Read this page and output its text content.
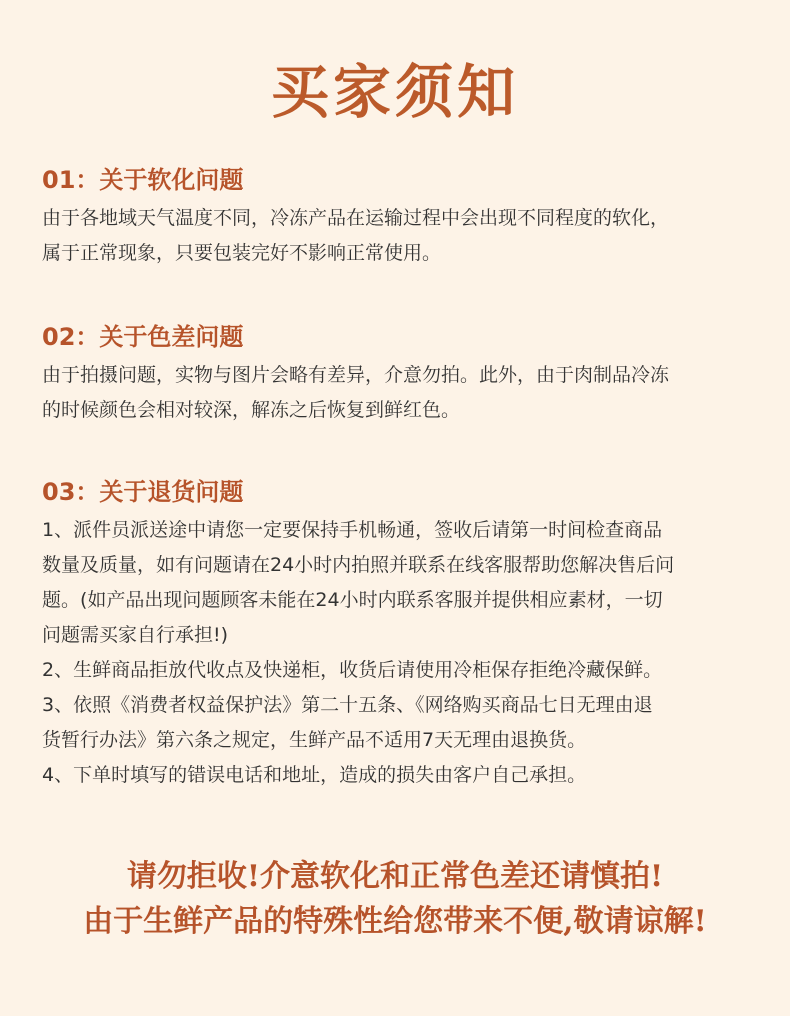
买家须知
01：关于软化问题
由于各地域天气温度不同，冷冻产品在运输过程中会出现不同程度的软化，
属于正常现象，只要包装完好不影响正常使用。
02：关于色差问题
由于拍摄问题，实物与图片会略有差异，介意勿拍。此外，由于肉制品冷冻
的时候颜色会相对较深，解冻之后恢复到鲜红色。
03：关于退货问题
1、派件员派送途中请您一定要保持手机畅通，签收后请第一时间检查商品
数量及质量，如有问题请在24小时内拍照并联系在线客服帮助您解决售后问
题。(如产品出现问题顾客未能在24小时内联系客服并提供相应素材，一切
问题需买家自行承担!)
2、生鲜商品拒放代收点及快递柜，收货后请使用冷柜保存拒绝冷藏保鲜。
3、依照《消费者权益保护法》第二十五条、《网络购买商品七日无理由退
货暂行办法》第六条之规定，生鲜产品不适用7天无理由退换货。
4、下单时填写的错误电话和地址，造成的损失由客户自己承担。
请勿拒收!介意软化和正常色差还请慎拍!
由于生鲜产品的特殊性给您带来不便,敬请谅解!
